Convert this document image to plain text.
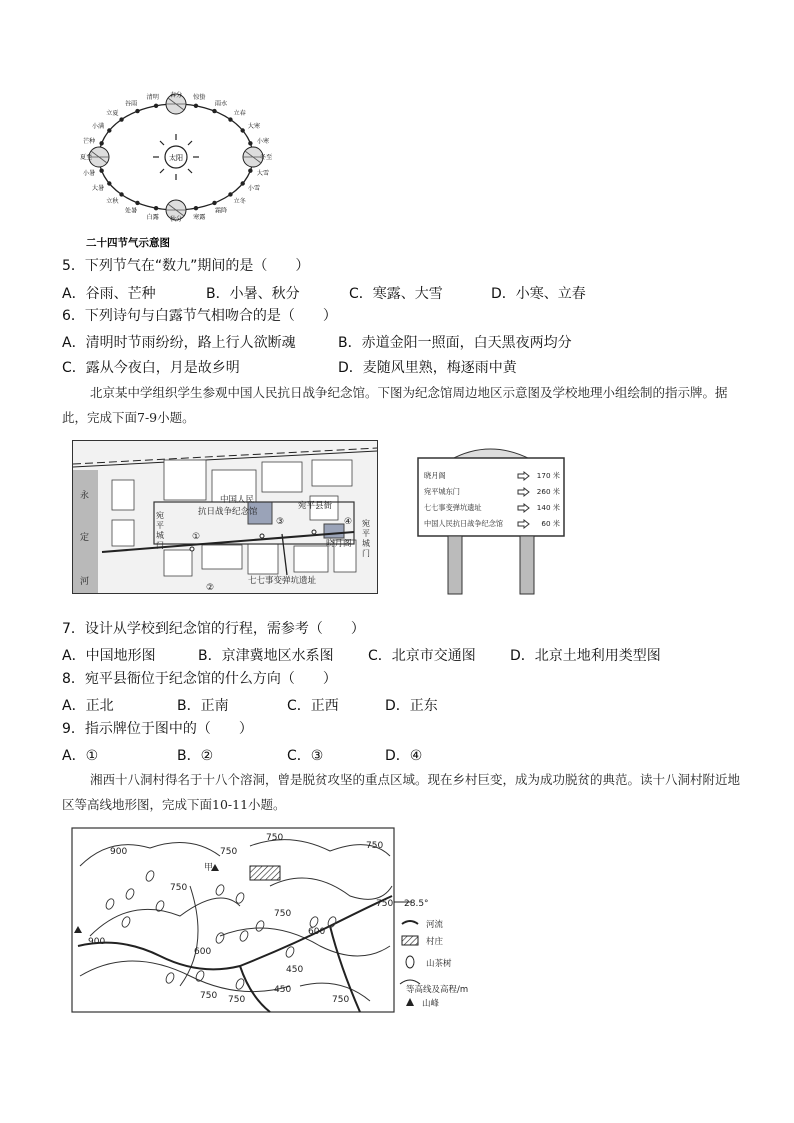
太阳
春分
清明
谷雨
立夏
小满
芒种
夏至
小暑
大暑
立秋
处暑
白露 秋分 寒露
霜降
立冬
小雪
大雪
冬至
小寒
大寒
立春
雨水
惊蛰
二十四节气示意图
5．下列节气在“数九”期间的是（　　）
A．谷雨、芒种	B．小暑、秋分	C．寒露、大雪	D．小寒、立春
6．下列诗句与白露节气相吻合的是（　　）
A．清明时节雨纷纷，路上行人欲断魂	B．赤道金阳一照面，白天黑夜两均分
C．露从今夜白，月是故乡明	D．麦随风里熟，梅逐雨中黄
北京某中学组织学生参观中国人民抗日战争纪念馆。下图为纪念馆周边地区示意图及学校地理小组绘制的指示牌。据此，完成下面7-9小题。
永
定
河
中国人民
抗日战争纪念馆
宛平县衙
晓月阁
七七事变弹坑遗址
宛
平
城
门
宛
平
城
门
①
②
③	④
晓月阁	170 米
宛平城东门	260 米
七七事变弹坑遗址	140 米
中国人民抗日战争纪念馆	60 米
7．设计从学校到纪念馆的行程，需参考（　　）
A．中国地形图	B．京津冀地区水系图 C．北京市交通图 D．北京土地利用类型图
8．宛平县衙位于纪念馆的什么方向（　　）
A．正北	B．正南	C．正西	D．正东
9．指示牌位于图中的（　　）
A．①	B．②	C．③	D．④
湘西十八洞村得名于十八个溶洞，曾是脱贫攻坚的重点区域。现在乡村巨变，成为成功脱贫的典范。读十八洞村附近地区等高线地形图，完成下面10-11小题。
900	750
750
750
750
750
750
600
600
450
450
900
750 750	750
甲
28.5°
河流
村庄
山茶树
等高线及高程/m
山峰
